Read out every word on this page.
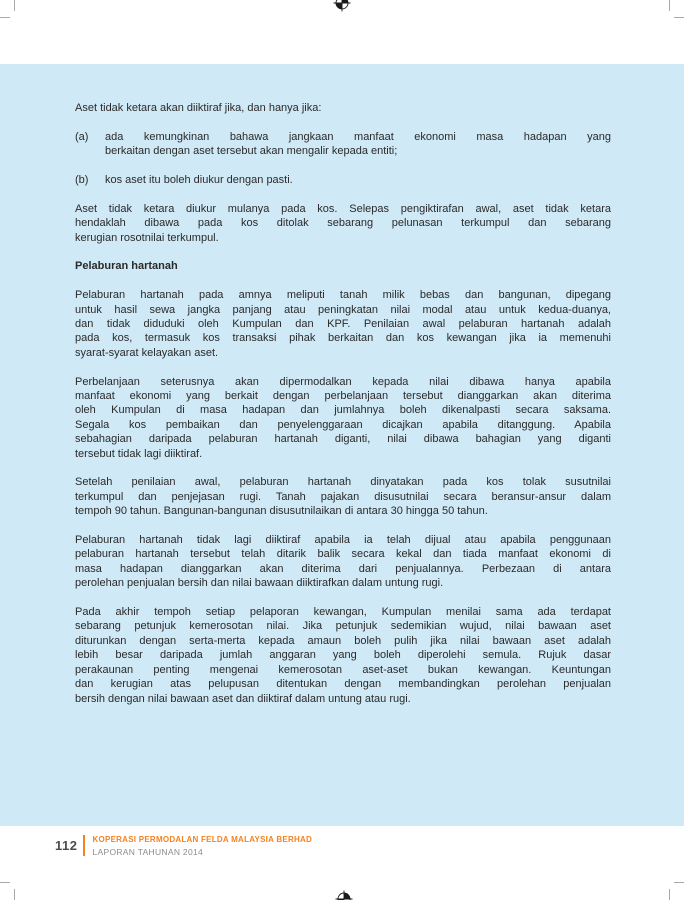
Aset tidak ketara akan diiktiraf jika, dan hanya jika:
(a)	ada kemungkinan bahawa jangkaan manfaat ekonomi masa hadapan yang
berkaitan dengan aset tersebut akan mengalir kepada entiti;
(b)	kos aset itu boleh diukur dengan pasti.
Aset tidak ketara diukur mulanya pada kos. Selepas pengiktirafan awal, aset tidak ketara
hendaklah dibawa pada kos ditolak sebarang pelunasan terkumpul dan sebarang
kerugian rosotnilai terkumpul.
Pelaburan hartanah
Pelaburan hartanah pada amnya meliputi tanah milik bebas dan bangunan, dipegang
untuk hasil sewa jangka panjang atau peningkatan nilai modal atau untuk kedua-duanya,
dan tidak diduduki oleh Kumpulan dan KPF. Penilaian awal pelaburan hartanah adalah
pada kos, termasuk kos transaksi pihak berkaitan dan kos kewangan jika ia memenuhi
syarat-syarat kelayakan aset.
Perbelanjaan seterusnya akan dipermodalkan kepada nilai dibawa hanya apabila
manfaat ekonomi yang berkait dengan perbelanjaan tersebut dianggarkan akan diterima
oleh Kumpulan di masa hadapan dan jumlahnya boleh dikenalpasti secara saksama.
Segala kos pembaikan dan penyelenggaraan dicajkan apabila ditanggung. Apabila
sebahagian daripada pelaburan hartanah diganti, nilai dibawa bahagian yang diganti
tersebut tidak lagi diiktiraf.
Setelah penilaian awal, pelaburan hartanah dinyatakan pada kos tolak susutnilai
terkumpul dan penjejasan rugi. Tanah pajakan disusutnilai secara beransur-ansur dalam
tempoh 90 tahun. Bangunan-bangunan disusutnilaikan di antara 30 hingga 50 tahun.
Pelaburan hartanah tidak lagi diiktiraf apabila ia telah dijual atau apabila penggunaan
pelaburan hartanah tersebut telah ditarik balik secara kekal dan tiada manfaat ekonomi di
masa hadapan dianggarkan akan diterima dari penjualannya. Perbezaan di antara
perolehan penjualan bersih dan nilai bawaan diiktirafkan dalam untung rugi.
Pada akhir tempoh setiap pelaporan kewangan, Kumpulan menilai sama ada terdapat
sebarang petunjuk kemerosotan nilai. Jika petunjuk sedemikian wujud, nilai bawaan aset
diturunkan dengan serta-merta kepada amaun boleh pulih jika nilai bawaan aset adalah
lebih besar daripada jumlah anggaran yang boleh diperolehi semula. Rujuk dasar
perakaunan penting mengenai kemerosotan aset-aset bukan kewangan. Keuntungan
dan kerugian atas pelupusan ditentukan dengan membandingkan perolehan penjualan
bersih dengan nilai bawaan aset dan diiktiraf dalam untung atau rugi.
112 KOPERASI PERMODALAN FELDA MALAYSIA BERHAD
LAPORAN TAHUNAN 2014
